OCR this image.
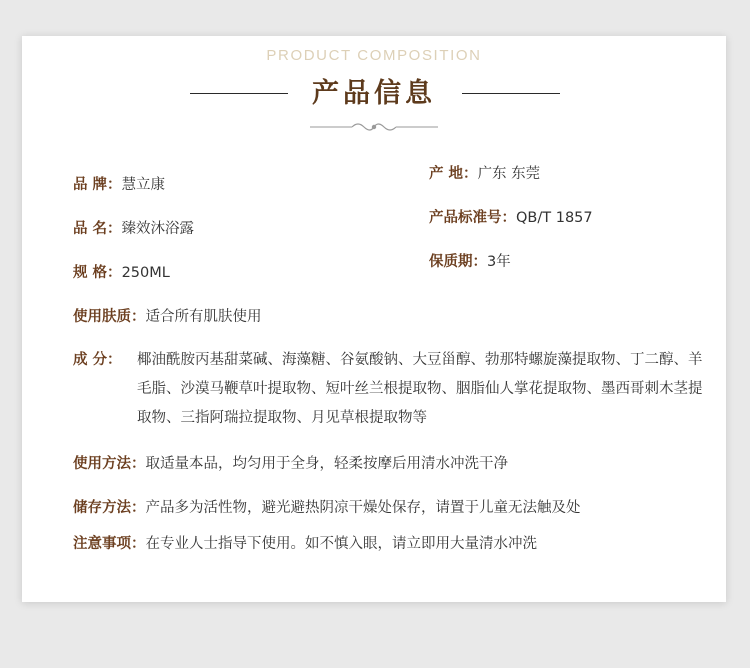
PRODUCT COMPOSITION
产品信息
品 牌：慧立康
产 地：广东 东莞
品 名：臻效沐浴露
产品标准号：QB/T 1857
规 格：250ML
保质期：3年
使用肤质：适合所有肌肤使用
成 分：	椰油酰胺丙基甜菜碱、海藻糖、谷氨酸钠、大豆甾醇、勃那特螺旋藻提取物、丁二醇、羊毛脂、沙漠马鞭草叶提取物、短叶丝兰根提取物、胭脂仙人掌花提取物、墨西哥刺木茎提取物、三指阿瑞拉提取物、月见草根提取物等
使用方法：取适量本品，均匀用于全身，轻柔按摩后用清水冲洗干净
储存方法：产品多为活性物，避光避热阴凉干燥处保存，请置于儿童无法触及处
注意事项：在专业人士指导下使用。如不慎入眼，请立即用大量清水冲洗
